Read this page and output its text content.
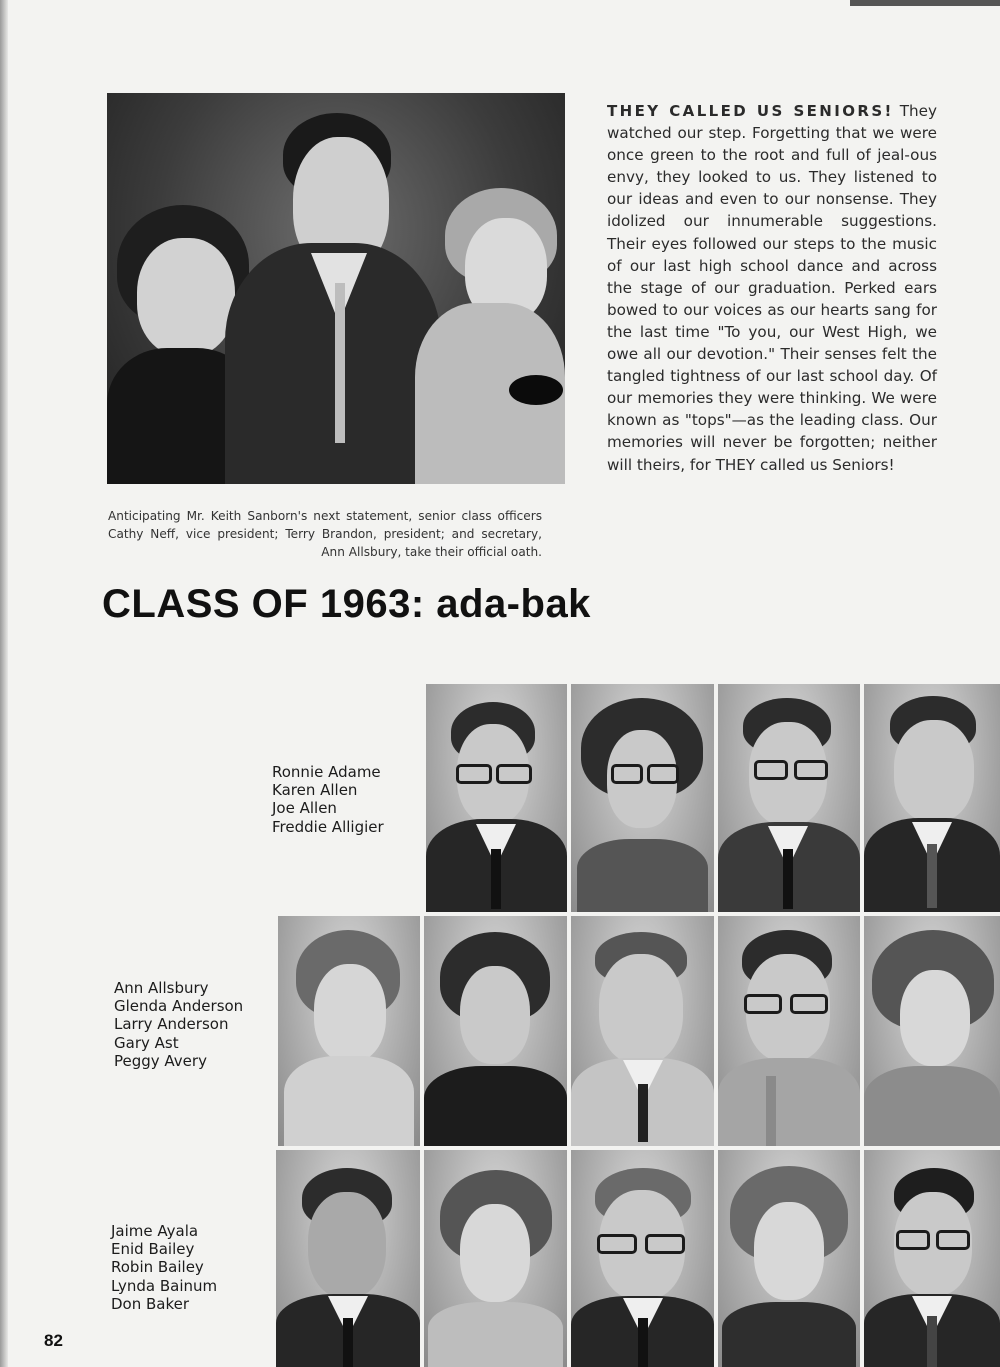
THEY CALLED US SENIORS! They watched our step. Forgetting that we were once green to the root and full of jeal-ous envy, they looked to us. They listened to our ideas and even to our nonsense. They idolized our innumerable suggestions. Their eyes followed our steps to the music of our last high school dance and across the stage of our graduation. Perked ears bowed to our voices as our hearts sang for the last time "To you, our West High, we owe all our devotion." Their senses felt the tangled tightness of our last school day. Of our memories they were thinking. We were known as "tops"—as the leading class. Our memories will never be forgotten; neither will theirs, for THEY called us Seniors!
Anticipating Mr. Keith Sanborn's next statement, senior class officers Cathy Neff, vice president; Terry Brandon, president; and secretary, Ann Allsbury, take their official oath.
CLASS OF 1963: ada-bak
Ronnie Adame
Karen Allen
Joe Allen
Freddie Alligier
Ann Allsbury
Glenda Anderson
Larry Anderson
Gary Ast
Peggy Avery
Jaime Ayala
Enid Bailey
Robin Bailey
Lynda Bainum
Don Baker
82
